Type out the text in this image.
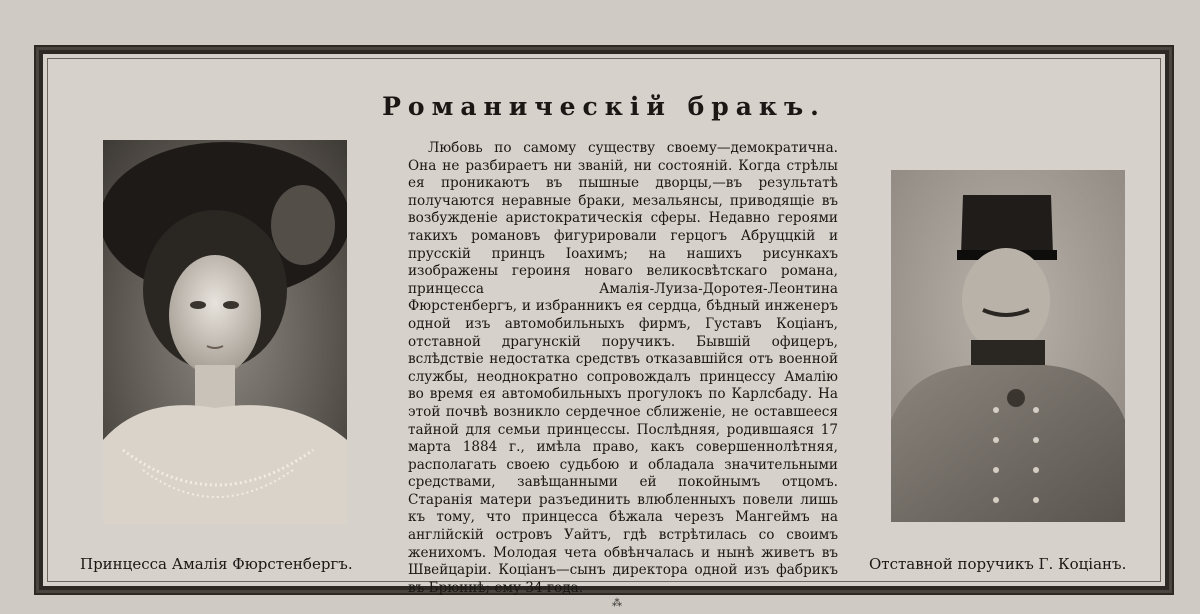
Романическій бракъ.
Принцесса Амалія Фюрстенбергъ.

Любовь по самому существу своему—демократична. Она не разбираетъ ни званій, ни состояній. Когда стрѣлы ея проникаютъ въ пышные дворцы,—въ результатѣ получаются неравные браки, мезальянсы, приводящіе въ возбужденіе аристократическія сферы. Недавно героями такихъ романовъ фигурировали герцогъ Абруццкій и прусскій принцъ Іоахимъ; на нашихъ рисункахъ изображены героиня новаго великосвѣтскаго романа, принцесса Амалія-Луиза-Доротея-Леонтина Фюрстенбергъ, и избранникъ ея сердца, бѣдный инженеръ одной изъ автомобильныхъ фирмъ, Густавъ Коціанъ, отставной драгунскій поручикъ. Бывшій офицеръ, вслѣдствіе недостатка средствъ отказавшійся отъ военной службы, неоднократно сопровождалъ принцессу Амалію во время ея автомобильныхъ прогулокъ по Карлсбаду. На этой почвѣ возникло сердечное сближеніе, не оставшееся тайной для семьи принцессы. Послѣдняя, родившаяся 17 марта 1884 г., имѣла право, какъ совершеннолѣтняя, располагать своею судьбою и обладала значительными средствами, завѣщанными ей покойнымъ отцомъ. Старанія матери разъединить влюбленныхъ повели лишь къ тому, что принцесса бѣжала черезъ Мангеймъ на англійскій островъ Уайтъ, гдѣ встрѣтилась со своимъ женихомъ. Молодая чета обвѣнчалась и нынѣ живетъ въ Швейцаріи. Коціанъ—сынъ директора одной изъ фабрикъ въ Брюннѣ; ему 34 года.

Отставной поручикъ Г. Коціанъ.
⁂
